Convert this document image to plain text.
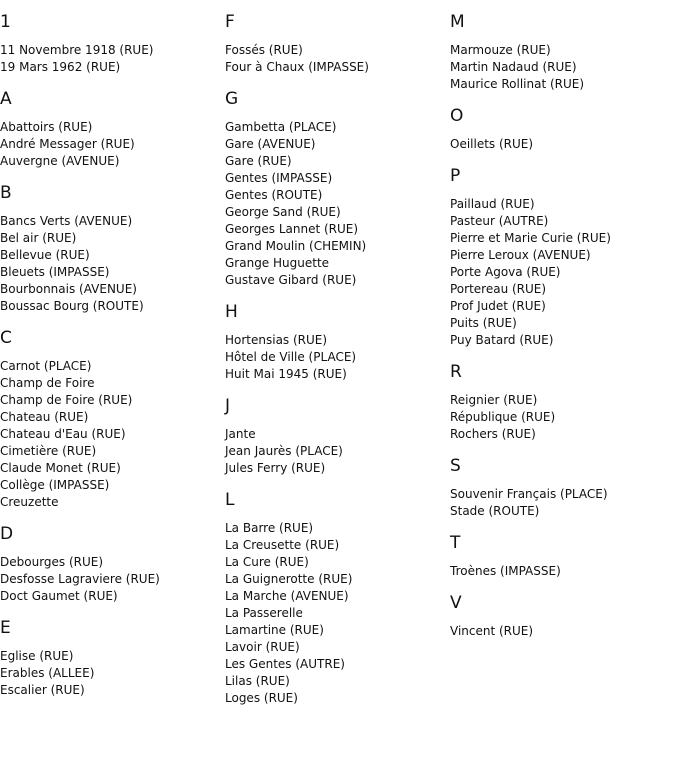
1
11 Novembre 1918 (RUE)
19 Mars 1962 (RUE)
A
Abattoirs (RUE)
André Messager (RUE)
Auvergne (AVENUE)
B
Bancs Verts (AVENUE)
Bel air (RUE)
Bellevue (RUE)
Bleuets (IMPASSE)
Bourbonnais (AVENUE)
Boussac Bourg (ROUTE)
C
Carnot (PLACE)
Champ de Foire
Champ de Foire (RUE)
Chateau (RUE)
Chateau d'Eau (RUE)
Cimetière (RUE)
Claude Monet (RUE)
Collège (IMPASSE)
Creuzette
D
Debourges (RUE)
Desfosse Lagraviere (RUE)
Doct Gaumet (RUE)
E
Eglise (RUE)
Erables (ALLEE)
Escalier (RUE)
F
Fossés (RUE)
Four à Chaux (IMPASSE)
G
Gambetta (PLACE)
Gare (AVENUE)
Gare (RUE)
Gentes (IMPASSE)
Gentes (ROUTE)
George Sand (RUE)
Georges Lannet (RUE)
Grand Moulin (CHEMIN)
Grange Huguette
Gustave Gibard (RUE)
H
Hortensias (RUE)
Hôtel de Ville (PLACE)
Huit Mai 1945 (RUE)
J
Jante
Jean Jaurès (PLACE)
Jules Ferry (RUE)
L
La Barre (RUE)
La Creusette (RUE)
La Cure (RUE)
La Guignerotte (RUE)
La Marche (AVENUE)
La Passerelle
Lamartine (RUE)
Lavoir (RUE)
Les Gentes (AUTRE)
Lilas (RUE)
Loges (RUE)
M
Marmouze (RUE)
Martin Nadaud (RUE)
Maurice Rollinat (RUE)
O
Oeillets (RUE)
P
Paillaud (RUE)
Pasteur (AUTRE)
Pierre et Marie Curie (RUE)
Pierre Leroux (AVENUE)
Porte Agova (RUE)
Portereau (RUE)
Prof Judet (RUE)
Puits (RUE)
Puy Batard (RUE)
R
Reignier (RUE)
République (RUE)
Rochers (RUE)
S
Souvenir Français (PLACE)
Stade (ROUTE)
T
Troènes (IMPASSE)
V
Vincent (RUE)
